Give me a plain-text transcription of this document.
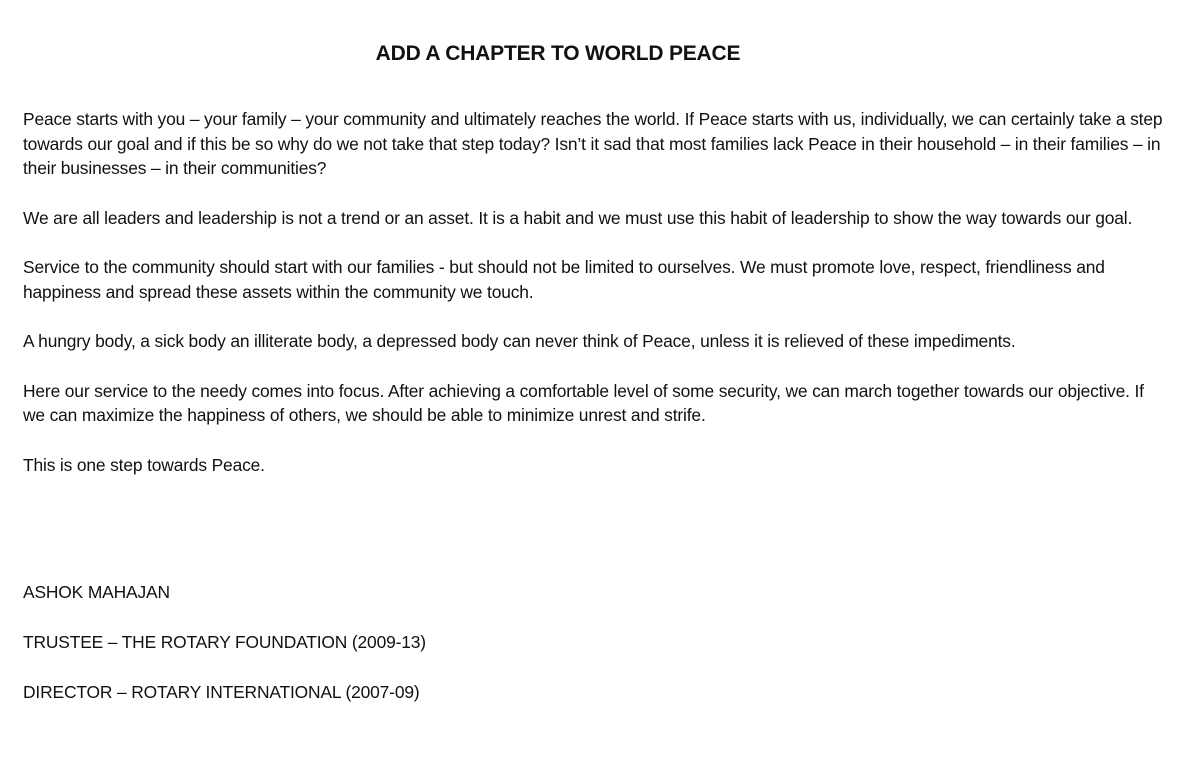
ADD A CHAPTER TO WORLD PEACE

Peace starts with you – your family – your community and ultimately reaches the world. If Peace starts with us, individually, we can certainly take a step towards our goal and if this be so why do we not take that step today? Isn’t it sad that most families lack Peace in their household – in their families – in their businesses – in their communities?

We are all leaders and leadership is not a trend or an asset. It is a habit and we must use this habit of leadership to show the way towards our goal.

Service to the community should start with our families - but should not be limited to ourselves. We must promote love, respect, friendliness and happiness and spread these assets within the community we touch.

A hungry body, a sick body an illiterate body, a depressed body can never think of Peace, unless it is relieved of these impediments.

Here our service to the needy comes into focus. After achieving a comfortable level of some security, we can march together towards our objective. If we can maximize the happiness of others, we should be able to minimize unrest and strife.

This is one step towards Peace.

ASHOK MAHAJAN

TRUSTEE – THE ROTARY FOUNDATION (2009-13)

DIRECTOR – ROTARY INTERNATIONAL (2007-09)
